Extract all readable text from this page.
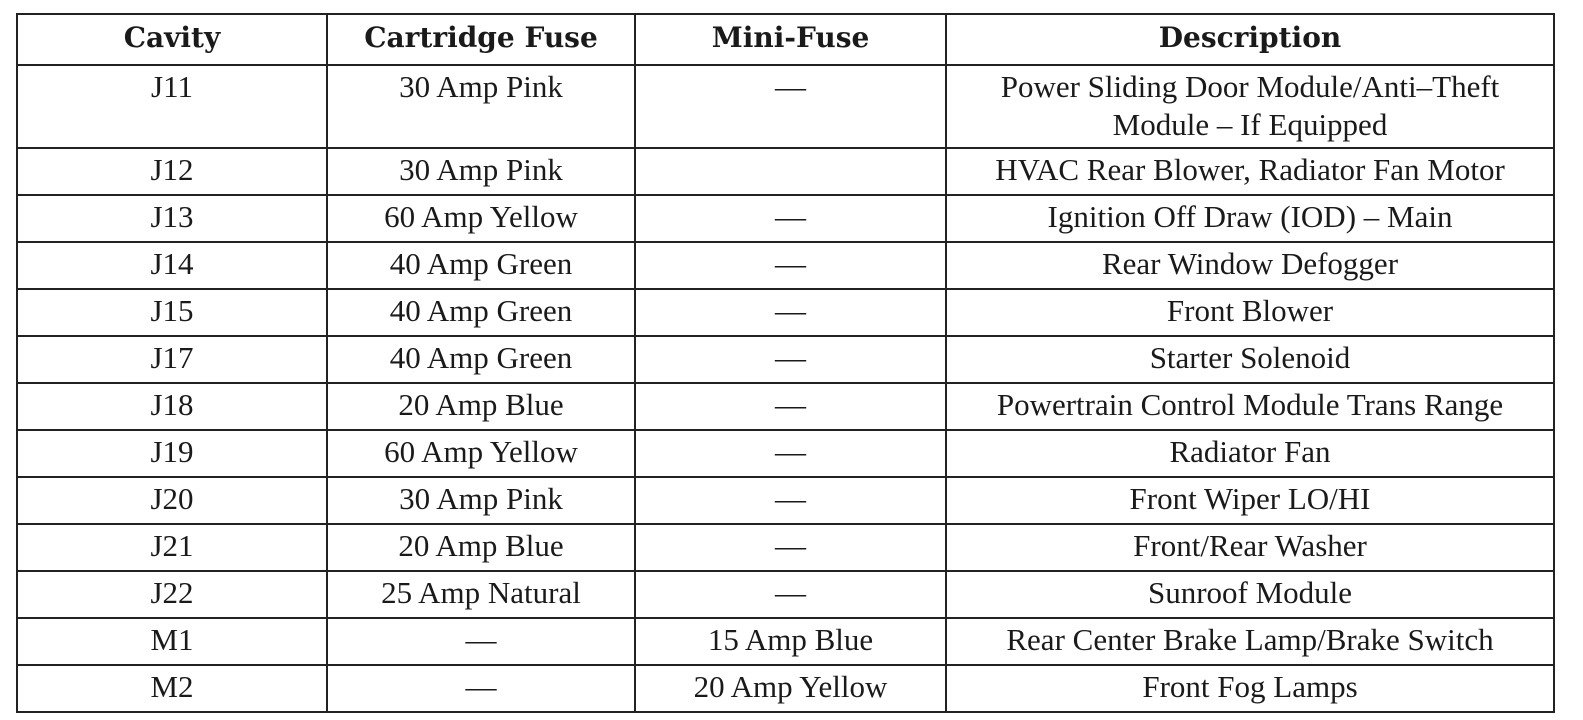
Cavity	Cartridge Fuse	Mini-Fuse	Description
J11	30 Amp Pink	—	Power Sliding Door Module/Anti–Theft Module – If Equipped
J12	30 Amp Pink		HVAC Rear Blower, Radiator Fan Motor
J13	60 Amp Yellow	—	Ignition Off Draw (IOD) – Main
J14	40 Amp Green	—	Rear Window Defogger
J15	40 Amp Green	—	Front Blower
J17	40 Amp Green	—	Starter Solenoid
J18	20 Amp Blue	—	Powertrain Control Module Trans Range
J19	60 Amp Yellow	—	Radiator Fan
J20	30 Amp Pink	—	Front Wiper LO/HI
J21	20 Amp Blue	—	Front/Rear Washer
J22	25 Amp Natural	—	Sunroof Module
M1	—	15 Amp Blue	Rear Center Brake Lamp/Brake Switch
M2	—	20 Amp Yellow	Front Fog Lamps
